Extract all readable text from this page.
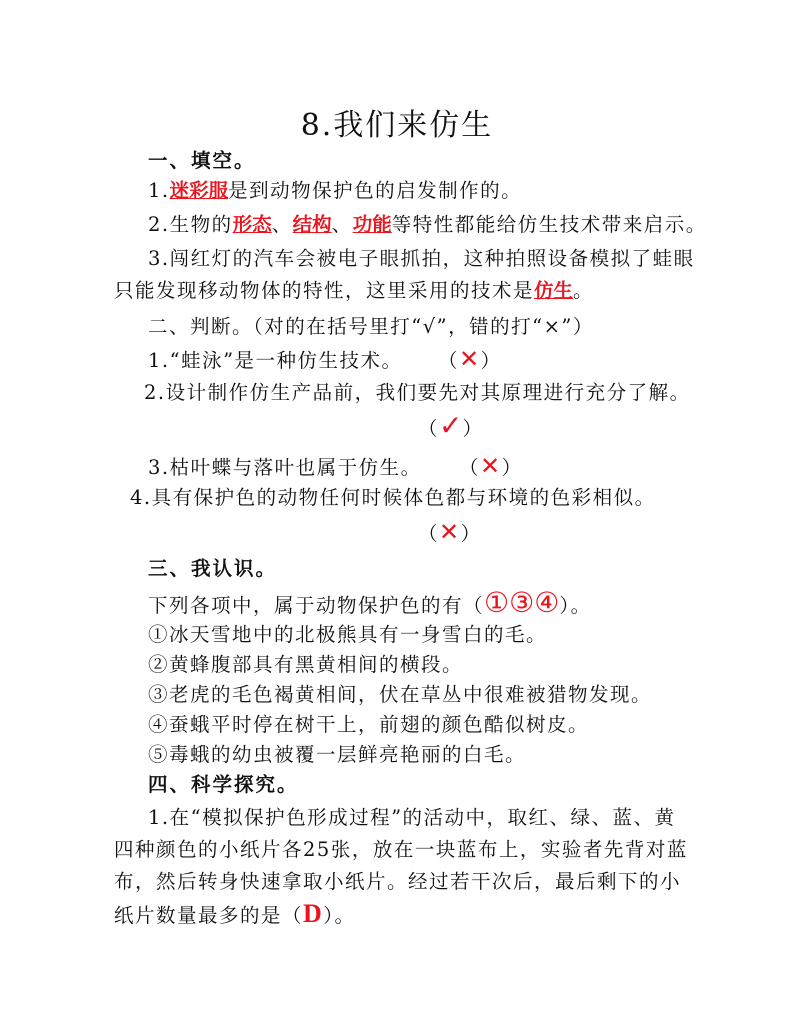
8.我们来仿生
一、填空。
1.迷彩服是到动物保护色的启发制作的。
2.生物的形态、结构、功能等特性都能给仿生技术带来启示。
3.闯红灯的汽车会被电子眼抓拍，这种拍照设备模拟了蛙眼
只能发现移动物体的特性，这里采用的技术是仿生。
二、判断。（对的在括号里打“√”，错的打“×”）
1.“蛙泳”是一种仿生技术。 （✕）
2.设计制作仿生产品前，我们要先对其原理进行充分了解。
（✓）
3.枯叶蝶与落叶也属于仿生。 （✕）
4.具有保护色的动物任何时候体色都与环境的色彩相似。
（✕）
三、我认识。
下列各项中，属于动物保护色的有（①③④）。
①冰天雪地中的北极熊具有一身雪白的毛。
②黄蜂腹部具有黑黄相间的横段。
③老虎的毛色褐黄相间，伏在草丛中很难被猎物发现。
④蚕蛾平时停在树干上，前翅的颜色酷似树皮。
⑤毒蛾的幼虫被覆一层鲜亮艳丽的白毛。
四、科学探究。
1.在“模拟保护色形成过程”的活动中，取红、绿、蓝、黄
四种颜色的小纸片各25张，放在一块蓝布上，实验者先背对蓝
布，然后转身快速拿取小纸片。经过若干次后，最后剩下的小
纸片数量最多的是（D）。
